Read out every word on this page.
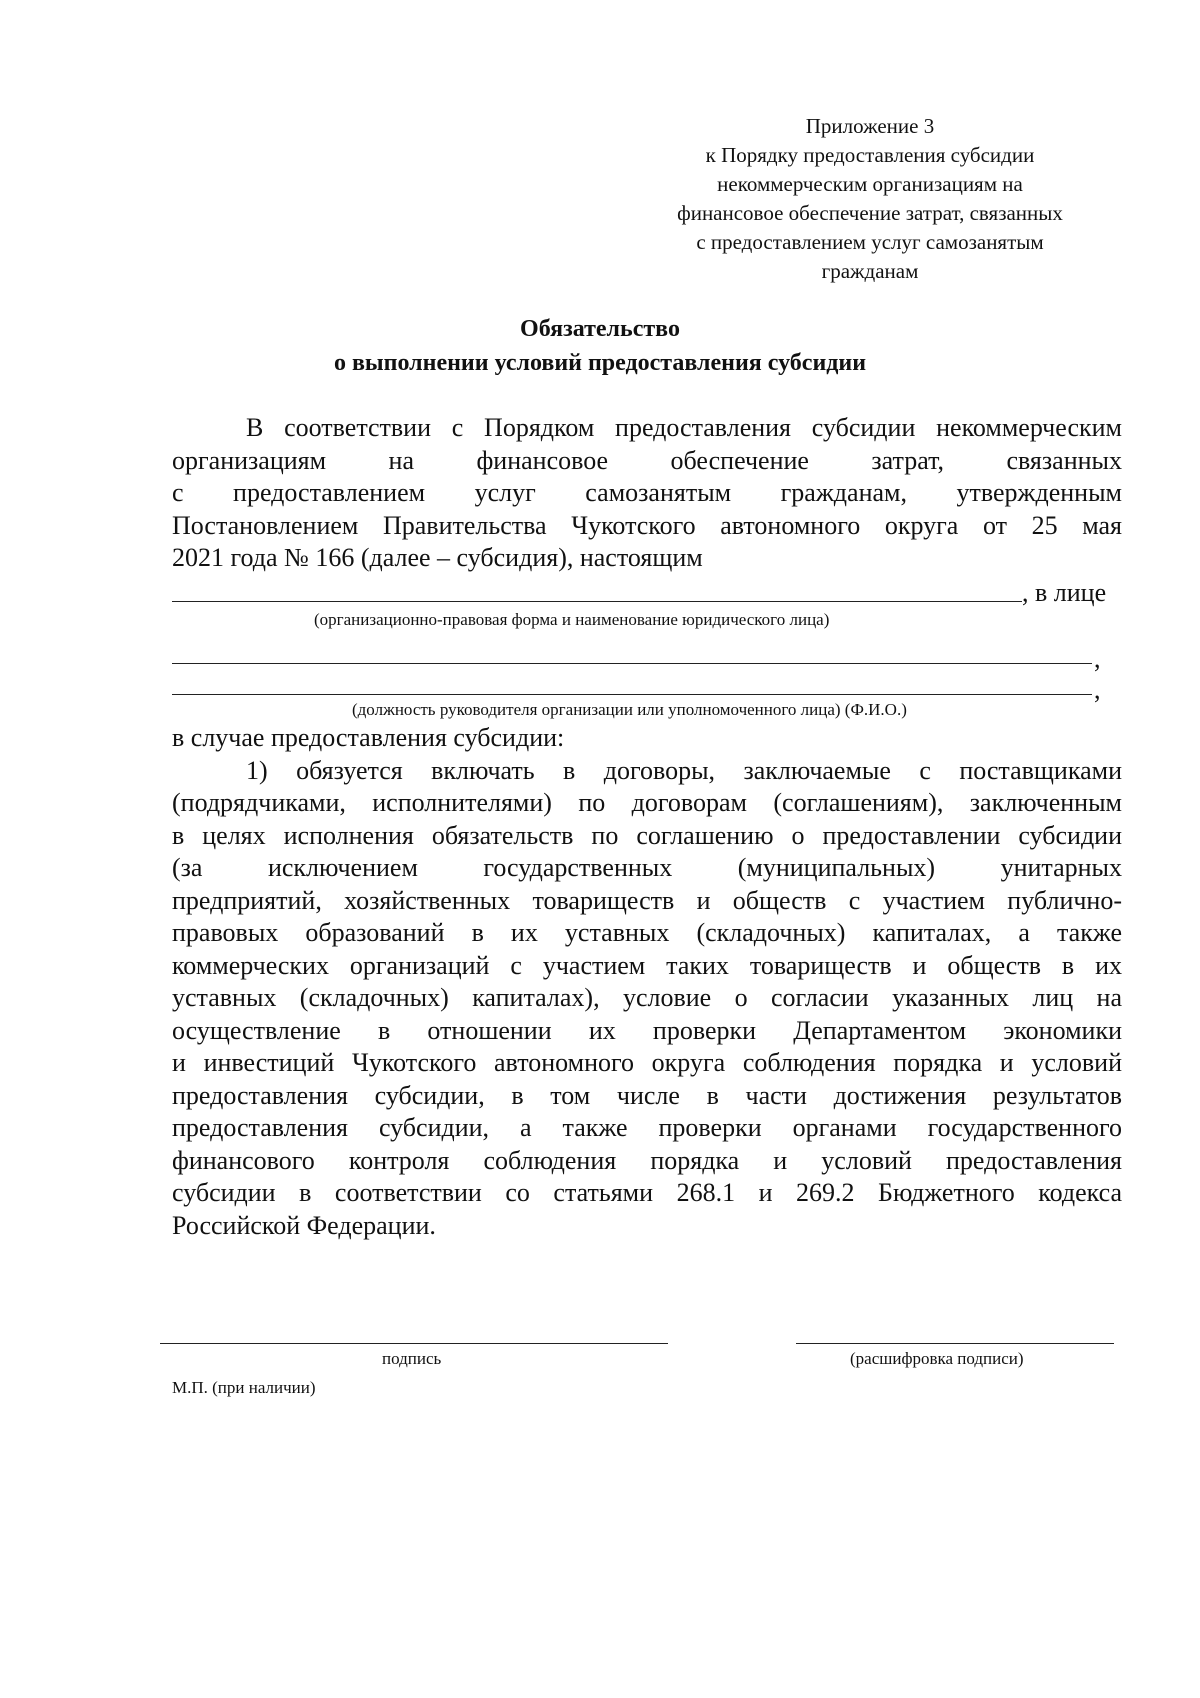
Приложение 3
к Порядку предоставления субсидии
некоммерческим организациям на
финансовое обеспечение затрат, связанных
с предоставлением услуг самозанятым
гражданам
Обязательство
о выполнении условий предоставления субсидии
В соответствии с Порядком предоставления субсидии некоммерческим
организациям на финансовое обеспечение затрат, связанных
с предоставлением услуг самозанятым гражданам, утвержденным
Постановлением Правительства Чукотского автономного округа от 25 мая
2021 года № 166 (далее – субсидия), настоящим
, в лице
(организационно-правовая форма и наименование юридического лица)
,
,
(должность руководителя организации или уполномоченного лица) (Ф.И.О.)
в случае предоставления субсидии:
1) обязуется включать в договоры, заключаемые с поставщиками
(подрядчиками, исполнителями) по договорам (соглашениям), заключенным
в целях исполнения обязательств по соглашению о предоставлении субсидии
(за исключением государственных (муниципальных) унитарных
предприятий, хозяйственных товариществ и обществ с участием публично-
правовых образований в их уставных (складочных) капиталах, а также
коммерческих организаций с участием таких товариществ и обществ в их
уставных (складочных) капиталах), условие о согласии указанных лиц на
осуществление в отношении их проверки Департаментом экономики
и инвестиций Чукотского автономного округа соблюдения порядка и условий
предоставления субсидии, в том числе в части достижения результатов
предоставления субсидии, а также проверки органами государственного
финансового контроля соблюдения порядка и условий предоставления
субсидии в соответствии со статьями 268.1 и 269.2 Бюджетного кодекса
Российской Федерации.
подпись	(расшифровка подписи)
М.П. (при наличии)
